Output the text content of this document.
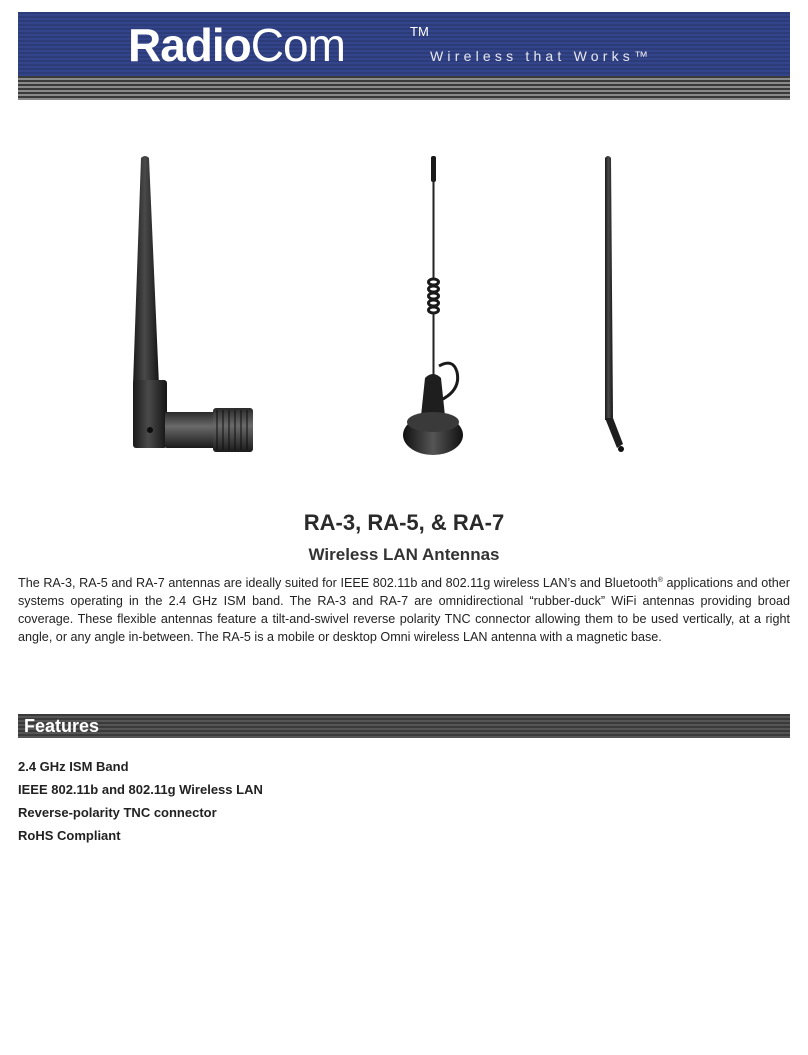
RadioCom	TM
Wireless that Works™
RA-3, RA-5, & RA-7
Wireless LAN Antennas
The RA-3, RA-5 and RA-7 antennas are ideally suited for IEEE 802.11b and 802.11g wireless LAN’s and Bluetooth® applications and other systems operating in the 2.4 GHz ISM band. The RA-3 and RA-7 are omnidirectional “rubber-duck” WiFi antennas providing broad coverage. These flexible antennas feature a tilt-and-swivel reverse polarity TNC connector allowing them to be used vertically, at a right angle, or any angle in-between. The RA-5 is a mobile or desktop Omni wireless LAN antenna with a magnetic base.
Features
2.4 GHz ISM Band
IEEE 802.11b and 802.11g Wireless LAN
Reverse-polarity TNC connector
RoHS Compliant
